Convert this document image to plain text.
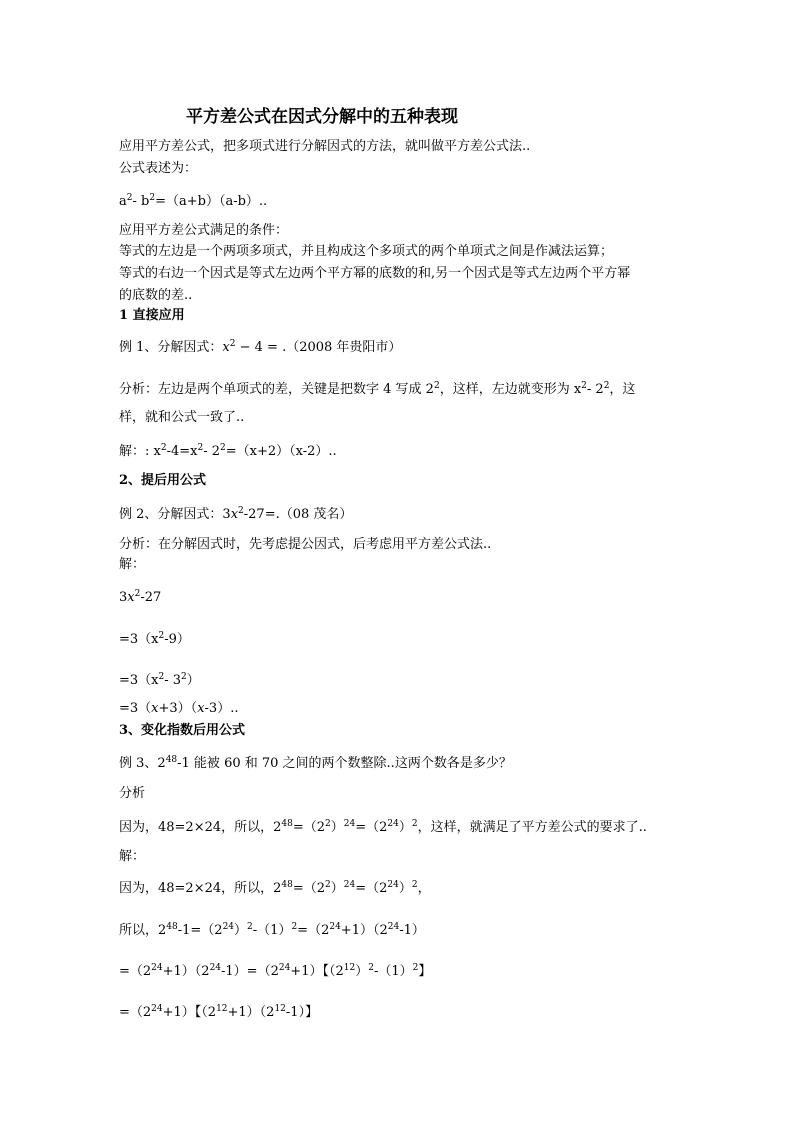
平方差公式在因式分解中的五种表现
应用平方差公式，把多项式进行分解因式的方法，就叫做平方差公式法..
公式表述为：
$a^2-$ $b^2=(a+b)(a-b)$..
应用平方差公式满足的条件：
等式的左边是一个两项多项式，并且构成这个多项式的两个单项式之间是作减法运算；
等式的右边一个因式是等式左边两个平方幂的底数的和,另一个因式是等式左边两个平方幂
的底数的差..
1 直接应用
例 1、分解因式：$x^2 - 4 = .(2008$ 年贵阳市）
分析：左边是两个单项式的差，关键是把数字 4 写成 $2^2$，这样，左边就变形为 $x^2-$ $2^2$，这
样，就和公式一致了..
解：: $x^2-4=x^2-$ $2^2=(x+2)(x-2)$..
2、提后用公式
例 2、分解因式：$3x^2-27=.(08$ 茂名）
分析：在分解因式时，先考虑提公因式，后考虑用平方差公式法..
解：
$3x^2-27$
$=3(x^2-9)$
$=3(x^2-$ $3^2$）
=3（x+3）（x-3）..
3、变化指数后用公式
例 3、$2^{48}-1$ 能被 60 和 70 之间的两个数整除..这两个数各是多少？
分析
因为，48=2×24，所以，$2^{48}=(2^2)^{24}=(2^{24})^2$，这样，就满足了平方差公式的要求了..
解：
因为，48=2×24，所以，$2^{48}=(2^2)^{24}=(2^{24})^2$，
所以，$2^{48}-1=(2^{24})^2-(1)^2=(2^{24}+1)(2^{24}-1)$
$=(2^{24}+1)(2^{24}-1)=(2^{24}+1)$【$(2^{12})^2-(1)^2$】
$=(2^{24}+1)$【$(2^{12}+1)(2^{12}-1)$】
